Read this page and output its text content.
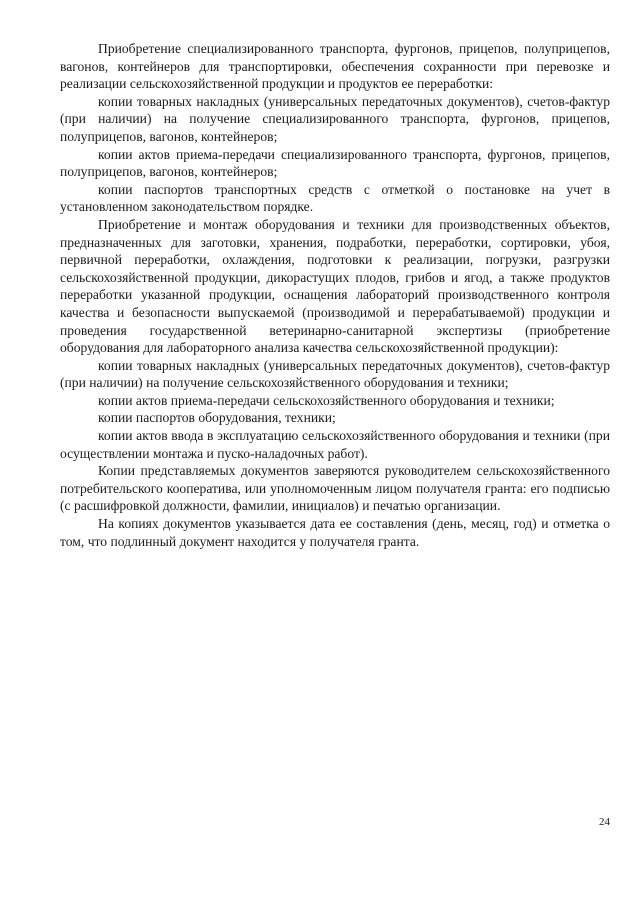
Приобретение специализированного транспорта, фургонов, прицепов, полуприцепов, вагонов, контейнеров для транспортировки, обеспечения сохранности при перевозке и реализации сельскохозяйственной продукции и продуктов ее переработки:

копии товарных накладных (универсальных передаточных документов), счетов-фактур (при наличии) на получение специализированного транспорта, фургонов, прицепов, полуприцепов, вагонов, контейнеров;

копии актов приема-передачи специализированного транспорта, фургонов, прицепов, полуприцепов, вагонов, контейнеров;

копии паспортов транспортных средств с отметкой о постановке на учет в установленном законодательством порядке.

Приобретение и монтаж оборудования и техники для производственных объектов, предназначенных для заготовки, хранения, подработки, переработки, сортировки, убоя, первичной переработки, охлаждения, подготовки к реализации, погрузки, разгрузки сельскохозяйственной продукции, дикорастущих плодов, грибов и ягод, а также продуктов переработки указанной продукции, оснащения лабораторий производственного контроля качества и безопасности выпускаемой (производимой и перерабатываемой) продукции и проведения государственной ветеринарно-санитарной экспертизы (приобретение оборудования для лабораторного анализа качества сельскохозяйственной продукции):

копии товарных накладных (универсальных передаточных документов), счетов-фактур (при наличии) на получение сельскохозяйственного оборудования и техники;

копии актов приема-передачи сельскохозяйственного оборудования и техники;

копии паспортов оборудования, техники;

копии актов ввода в эксплуатацию сельскохозяйственного оборудования и техники (при осуществлении монтажа и пуско-наладочных работ).

Копии представляемых документов заверяются руководителем сельскохозяйственного потребительского кооператива, или уполномоченным лицом получателя гранта: его подписью (с расшифровкой должности, фамилии, инициалов) и печатью организации.

На копиях документов указывается дата ее составления (день, месяц, год) и отметка о том, что подлинный документ находится у получателя гранта.

24
